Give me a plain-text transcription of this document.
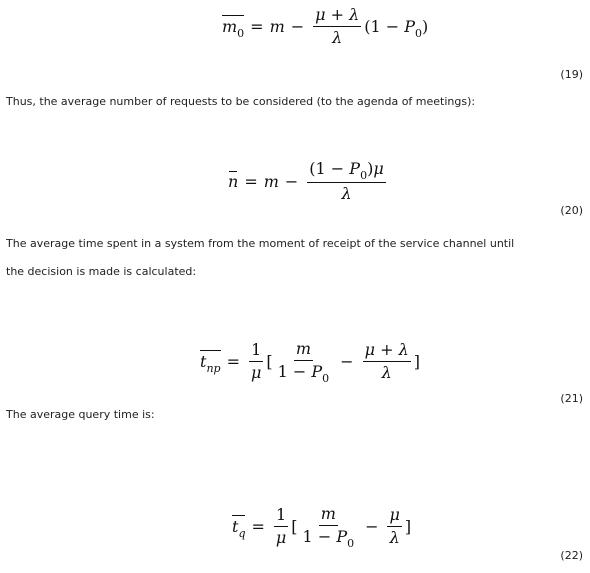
$m_0 = m - \frac{\mu + \lambda}{\lambda} (1 - P_0)$
(19)
Thus, the average number of requests to be considered (to the agenda of meetings):
$n = m - \frac{(1 - P_0)\mu}{\lambda}$
(20)
The average time spent in a system from the moment of receipt of the service channel until
the decision is made is calculated:
$t_{np} = \frac{1}{\mu}$ [ $\frac{m}{1 - P_0} - \frac{\mu + \lambda}{\lambda}$ ]
(21)
The average query time is:
$t_q = \frac{1}{\mu}$ [ $\frac{m}{1 - P_0} - \frac{\mu}{\lambda}$ ]
(22)
